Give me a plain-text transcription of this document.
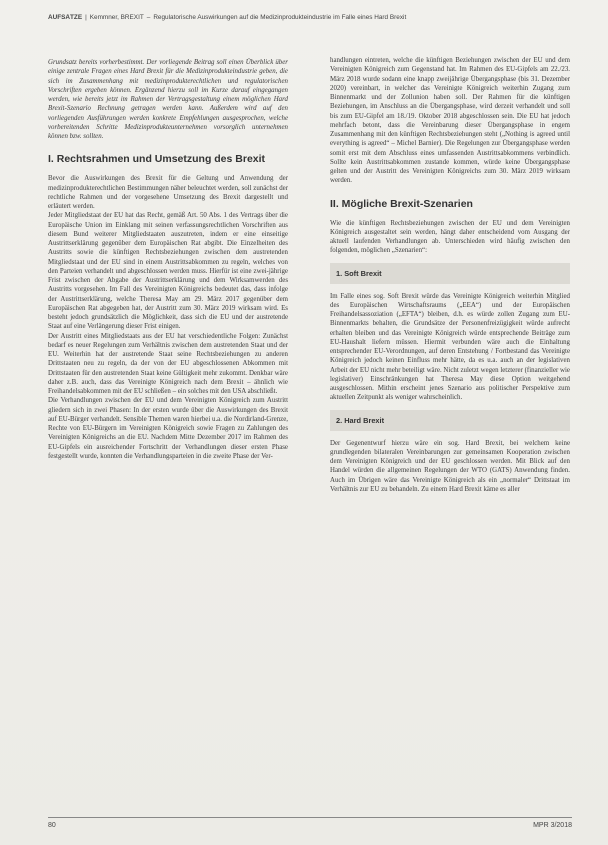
AUFSÄTZE | Kemmner, BREXIT – Regulatorische Auswirkungen auf die Medizinprodukteindustrie im Falle eines Hard Brexit

Grundsatz bereits vorherbestimmt. Der vorliegende Beitrag soll einen Überblick über einige zentrale Fragen eines Hard Brexit für die Medizinprodukteindustrie geben, die sich im Zusammenhang mit medizinprodukterechtlichen und regulatorischen Vorschriften ergeben können. Ergänzend hierzu soll im Kurze darauf eingegangen werden, wie bereits jetzt im Rahmen der Vertragsgestaltung einem möglichen Hard Brexit-Szenario Rechnung getragen werden kann. Außerdem wird auf den vorliegenden Ausführungen werden konkrete Empfehlungen ausgesprochen, welche vorbereitenden Schritte Medizinprodukteunternehmen vorsorglich unternehmen können bzw. sollten.

I. Rechtsrahmen und Umsetzung des Brexit

Bevor die Auswirkungen des Brexit für die Geltung und Anwendung der medizinprodukterechtlichen Bestimmungen näher beleuchtet werden, soll zunächst der rechtliche Rahmen und der vorgesehene Umsetzung des Brexit dargestellt und erläutert werden.

Jeder Mitgliedstaat der EU hat das Recht, gemäß Art. 50 Abs. 1 des Vertrags über die Europäische Union im Einklang mit seinen verfassungsrechtlichen Vorschriften aus diesem Bund weiterer Mitgliedstaaten auszutreten, indem er eine einseitige Austrittserklärung gegenüber dem Europäischen Rat abgibt. Die Einzelheiten des Austritts sowie die künftigen Rechtsbeziehungen zwischen dem austretenden Mitgliedstaat und der EU sind in einem Austrittsabkommen zu regeln, welches von den Parteien verhandelt und abgeschlossen werden muss. Hierfür ist eine zwei-jährige Frist zwischen der Abgabe der Austrittserklärung und dem Wirksamwerden des Austritts vorgesehen. Im Fall des Vereinigten Königreichs bedeutet das, dass infolge der Austrittserklärung, welche Theresa May am 29. März 2017 gegenüber dem Europäischen Rat abgegeben hat, der Austritt zum 30. März 2019 wirksam wird. Es besteht jedoch grundsätzlich die Möglichkeit, dass sich die EU und der austretende Staat auf eine Verlängerung dieser Frist einigen.

Der Austritt eines Mitgliedstaats aus der EU hat verschiedentliche Folgen: Zunächst bedarf es neuer Regelungen zum Verhältnis zwischen dem austretenden Staat und der EU. Weiterhin hat der austretende Staat seine Rechtsbeziehungen zu anderen Drittstaaten neu zu regeln, da der von der EU abgeschlossenen Abkommen mit Drittstaaten für den austretenden Staat keine Gültigkeit mehr zukommt. Denkbar wäre daher z.B. auch, dass das Vereinigte Königreich nach dem Brexit – ähnlich wie Freihandelsabkommen mit der EU schließen – ein solches mit den USA abschließt.

Die Verhandlungen zwischen der EU und dem Vereinigten Königreich zum Austritt gliedern sich in zwei Phasen: In der ersten wurde über die Auswirkungen des Brexit auf EU-Bürger verhandelt. Sensible Themen waren hierbei u.a. die Nordirland-Grenze, Rechte von EU-Bürgern im Vereinigten Königreich sowie Fragen zu Zahlungen des Vereinigten Königreichs an die EU. Nachdem Mitte Dezember 2017 im Rahmen des EU-Gipfels ein ausreichender Fortschritt der Verhandlungen dieser ersten Phase festgestellt wurde, konnten die Verhandlungsparteien in die zweite Phase der Ver-

handlungen eintreten, welche die künftigen Beziehungen zwischen der EU und dem Vereinigten Königreich zum Gegenstand hat. Im Rahmen des EU-Gipfels am 22./23. März 2018 wurde sodann eine knapp zweijährige Übergangsphase (bis 31. Dezember 2020) vereinbart, in welcher das Vereinigte Königreich weiterhin Zugang zum Binnenmarkt und der Zollunion haben soll. Der Rahmen für die künftigen Beziehungen, im Anschluss an die Übergangsphase, wird derzeit verhandelt und soll bis zum EU-Gipfel am 18./19. Oktober 2018 abgeschlossen sein. Die EU hat jedoch mehrfach betont, dass die Vereinbarung dieser Übergangsphase in engem Zusammenhang mit den künftigen Rechtsbeziehungen steht („Nothing is agreed until everything is agreed“ – Michel Barnier). Die Regelungen zur Übergangsphase werden somit erst mit dem Abschluss eines umfassenden Austrittsabkommens verbindlich. Sollte kein Austrittsabkommen zustande kommen, würde keine Übergangsphase gelten und der Austritt des Vereinigten Königreichs zum 30. März 2019 wirksam werden.

II. Mögliche Brexit-Szenarien

Wie die künftigen Rechtsbeziehungen zwischen der EU und dem Vereinigten Königreich ausgestaltet sein werden, hängt daher entscheidend vom Ausgang der aktuell laufenden Verhandlungen ab. Unterschieden wird häufig zwischen den folgenden, möglichen „Szenarien“:

1. Soft Brexit

Im Falle eines sog. Soft Brexit würde das Vereinigte Königreich weiterhin Mitglied des Europäischen Wirtschaftsraums („EEA“) und der Europäischen Freihandelsassoziation („EFTA“) bleiben, d.h. es würde zollen Zugang zum EU-Binnenmarkts behalten, die Grundsätze der Personenfreizügigkeit würde aufrecht erhalten bleiben und das Vereinigte Königreich würde entsprechende Beiträge zum EU-Haushalt liefern müssen. Hiermit verbunden wäre auch die Einhaltung entsprechender EU-Verordnungen, auf deren Entstehung / Fortbestand das Vereinigte Königreich jedoch keinen Einfluss mehr hätte, da es u.a. auch an der legislativen Arbeit der EU nicht mehr beteiligt wäre. Nicht zuletzt wegen letzterer (finanzieller wie legislativer) Einschränkungen hat Theresa May diese Option weitgehend ausgeschlossen. Mithin erscheint jenes Szenario aus politischer Perspektive zum aktuellen Zeitpunkt als weniger wahrscheinlich.

2. Hard Brexit

Der Gegenentwurf hierzu wäre ein sog. Hard Brexit, bei welchem keine grundlegenden bilateralen Vereinbarungen zur gemeinsamen Kooperation zwischen dem Vereinigten Königreich und der EU geschlossen werden. Mit Blick auf den Handel würden die allgemeinen Regelungen der WTO (GATS) Anwendung finden. Auch im Übrigen wäre das Vereinigte Königreich als ein „normaler“ Drittstaat im Verhältnis zur EU zu behandeln. Zu einem Hard Brexit käme es aller

80	MPR 3/2018
